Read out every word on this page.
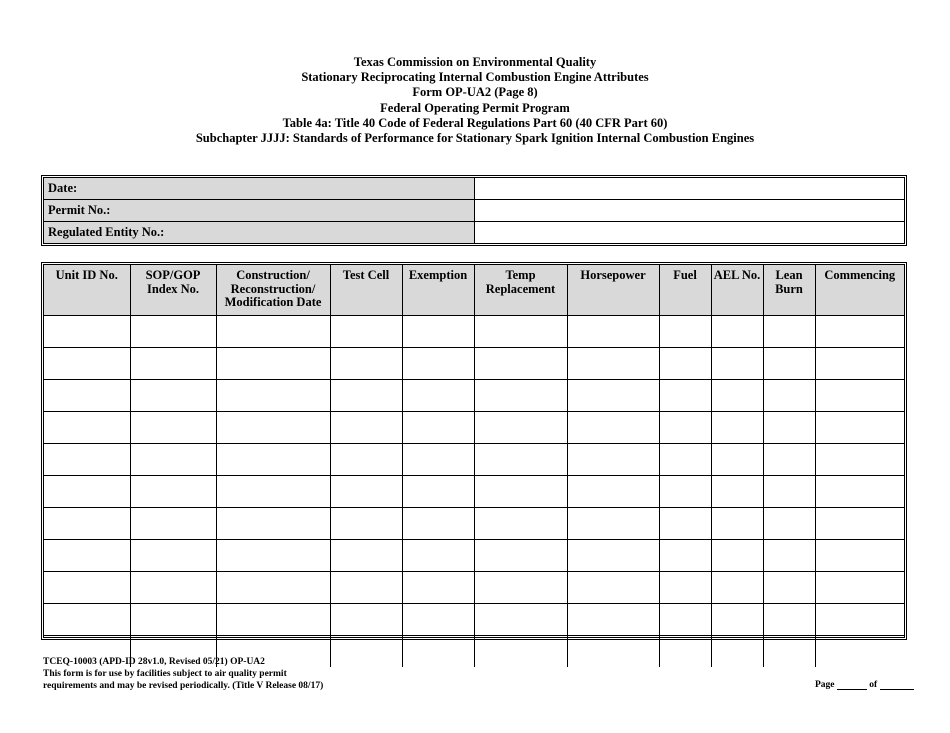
Texas Commission on Environmental Quality
Stationary Reciprocating Internal Combustion Engine Attributes
Form OP-UA2 (Page 8)
Federal Operating Permit Program
Table 4a: Title 40 Code of Federal Regulations Part 60 (40 CFR Part 60)
Subchapter JJJJ: Standards of Performance for Stationary Spark Ignition Internal Combustion Engines
Date:	
Permit No.:	
Regulated Entity No.:	
Unit ID No.	SOP/GOP Index No.	Construction/ Reconstruction/ Modification Date	Test Cell	Exemption	Temp Replacement	Horsepower	Fuel	AEL No.	Lean Burn	Commencing

TCEQ-10003 (APD-ID 28v1.0, Revised 05/21) OP-UA2
This form is for use by facilities subject to air quality permit
requirements and may be revised periodically. (Title V Release 08/17)	Page	of
